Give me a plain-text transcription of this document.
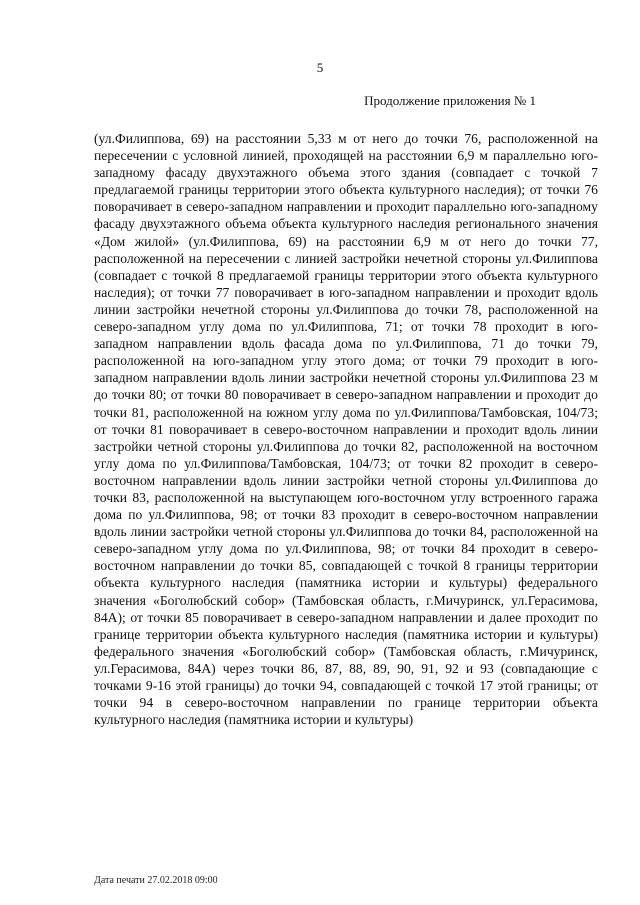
5
Продолжение приложения № 1

(ул.Филиппова, 69) на расстоянии 5,33 м от него до точки 76, расположенной на пересечении с условной линией, проходящей на расстоянии 6,9 м параллельно юго-западному фасаду двухэтажного объема этого здания (совпадает с точкой 7 предлагаемой границы территории этого объекта культурного наследия); от точки 76 поворачивает в северо-западном направлении и проходит параллельно юго-западному фасаду двухэтажного объема объекта культурного наследия регионального значения «Дом жилой» (ул.Филиппова, 69) на расстоянии 6,9 м от него до точки 77, расположенной на пересечении с линией застройки нечетной стороны ул.Филиппова (совпадает с точкой 8 предлагаемой границы территории этого объекта культурного наследия); от точки 77 поворачивает в юго-западном направлении и проходит вдоль линии застройки нечетной стороны ул.Филиппова до точки 78, расположенной на северо-западном углу дома по ул.Филиппова, 71; от точки 78 проходит в юго-западном направлении вдоль фасада дома по ул.Филиппова, 71 до точки 79, расположенной на юго-западном углу этого дома; от точки 79 проходит в юго-западном направлении вдоль линии застройки нечетной стороны ул.Филиппова 23 м до точки 80; от точки 80 поворачивает в северо-западном направлении и проходит до точки 81, расположенной на южном углу дома по ул.Филиппова/Тамбовская, 104/73; от точки 81 поворачивает в северо-восточном направлении и проходит вдоль линии застройки четной стороны ул.Филиппова до точки 82, расположенной на восточном углу дома по ул.Филиппова/Тамбовская, 104/73; от точки 82 проходит в северо-восточном направлении вдоль линии застройки четной стороны ул.Филиппова до точки 83, расположенной на выступающем юго-восточном углу встроенного гаража дома по ул.Филиппова, 98; от точки 83 проходит в северо-восточном направлении вдоль линии застройки четной стороны ул.Филиппова до точки 84, расположенной на северо-западном углу дома по ул.Филиппова, 98; от точки 84 проходит в северо-восточном направлении до точки 85, совпадающей с точкой 8 границы территории объекта культурного наследия (памятника истории и культуры) федерального значения «Боголюбский собор» (Тамбовская область, г.Мичуринск, ул.Герасимова, 84А); от точки 85 поворачивает в северо-западном направлении и далее проходит по границе территории объекта культурного наследия (памятника истории и культуры) федерального значения «Боголюбский собор» (Тамбовская область, г.Мичуринск, ул.Герасимова, 84А) через точки 86, 87, 88, 89, 90, 91, 92 и 93 (совпадающие с точками 9-16 этой границы) до точки 94, совпадающей с точкой 17 этой границы; от точки 94 в северо-восточном направлении по границе территории объекта культурного наследия (памятника истории и культуры)

Дата печати 27.02.2018 09:00
